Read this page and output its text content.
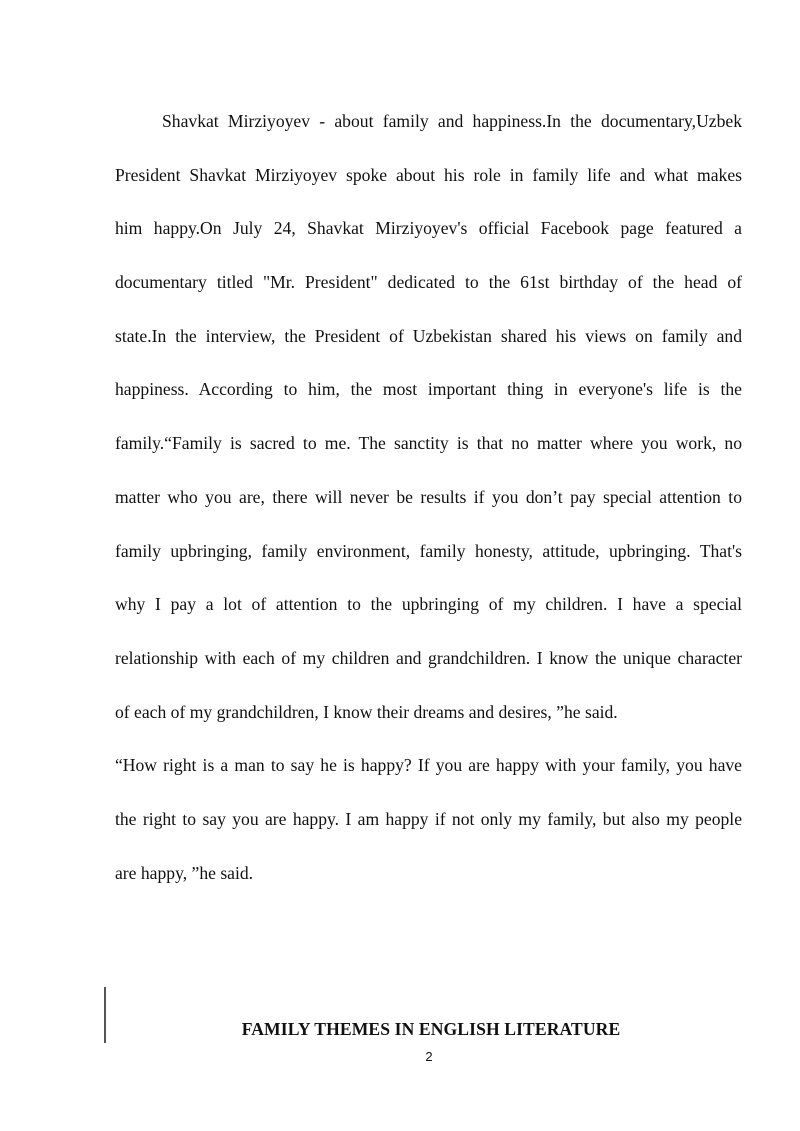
Shavkat Mirziyoyev - about family and happiness.In the documentary,Uzbek
President Shavkat Mirziyoyev spoke about his role in family life and what makes
him happy.On July 24, Shavkat Mirziyoyev's official Facebook page featured a
documentary titled "Mr. President" dedicated to the 61st birthday of the head of
state.In the interview, the President of Uzbekistan shared his views on family and
happiness. According to him, the most important thing in everyone's life is the
family.“Family is sacred to me. The sanctity is that no matter where you work, no
matter who you are, there will never be results if you don’t pay special attention to
family upbringing, family environment, family honesty, attitude, upbringing. That's
why I pay a lot of attention to the upbringing of my children. I have a special
relationship with each of my children and grandchildren. I know the unique character
of each of my grandchildren, I know their dreams and desires, ”he said.
“How right is a man to say he is happy? If you are happy with your family, you have
the right to say you are happy. I am happy if not only my family, but also my people
are happy, ”he said.
FAMILY THEMES IN ENGLISH LITERATURE
2
